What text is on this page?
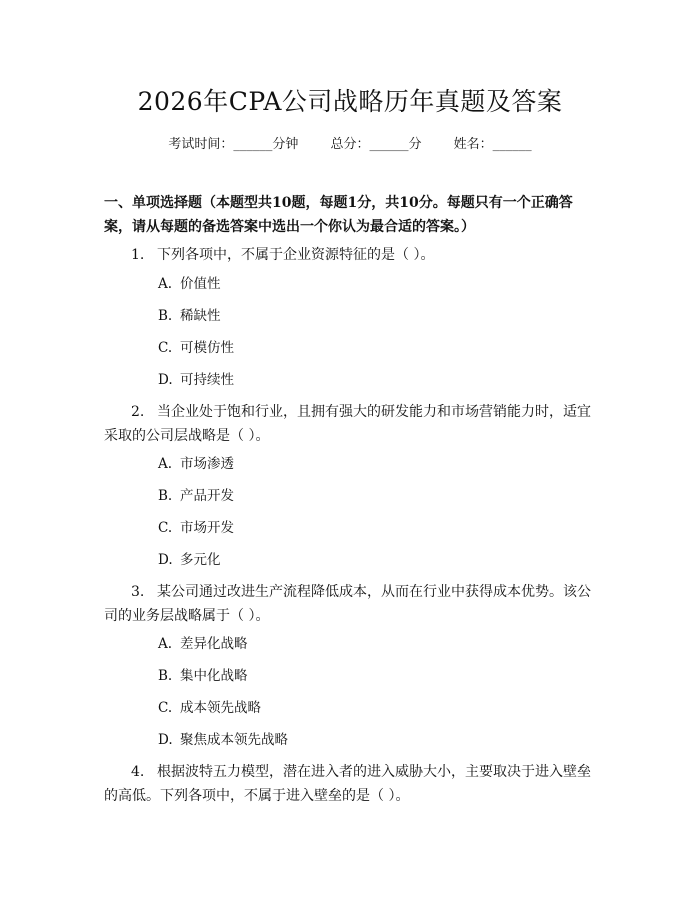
2026年CPA公司战略历年真题及答案
考试时间：______分钟 总分：______分 姓名：______
一、单项选择题（本题型共10题，每题1分，共10分。每题只有一个正确答
案，请从每题的备选答案中选出一个你认为最合适的答案。）
1. 下列各项中，不属于企业资源特征的是（ ）。
A. 价值性
B. 稀缺性
C. 可模仿性
D. 可持续性
2. 当企业处于饱和行业，且拥有强大的研发能力和市场营销能力时，适宜采取的公司层战略是（ ）。
A. 市场渗透
B. 产品开发
C. 市场开发
D. 多元化
3. 某公司通过改进生产流程降低成本，从而在行业中获得成本优势。该公司的业务层战略属于（ ）。
A. 差异化战略
B. 集中化战略
C. 成本领先战略
D. 聚焦成本领先战略
4. 根据波特五力模型，潜在进入者的进入威胁大小，主要取决于进入壁垒的高低。下列各项中，不属于进入壁垒的是（ ）。
